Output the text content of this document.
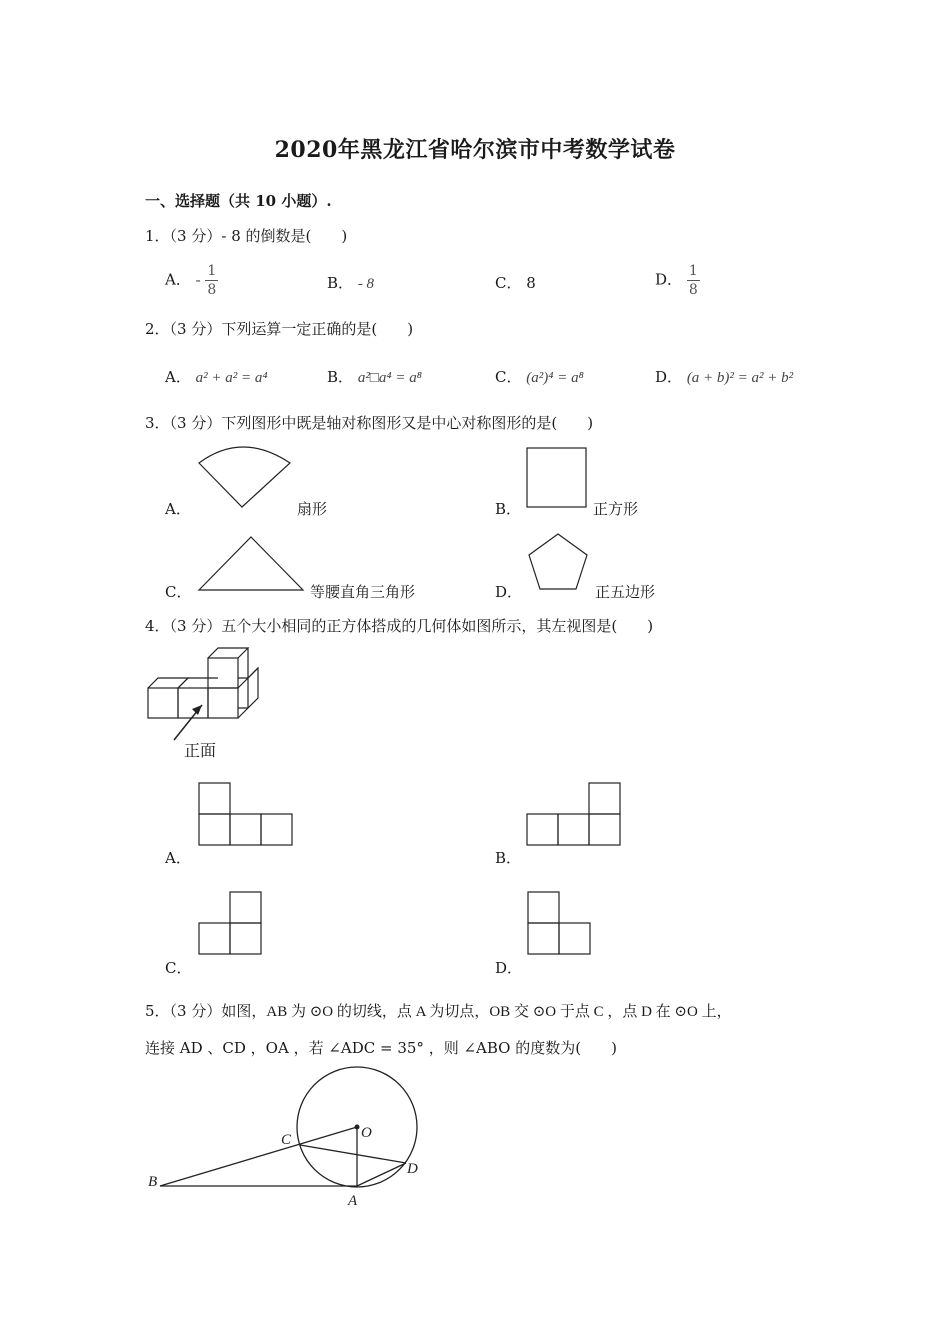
2020年黑龙江省哈尔滨市中考数学试卷
一、选择题（共 10 小题）.
1．（3 分）- 8 的倒数是(　　)
A． - $\frac{1}{8}$	B． - 8	C． 8	D． $\frac{1}{8}$
2．（3 分）下列运算一定正确的是(　　)
A． a² + a² = a⁴	B． a²□a⁴ = a⁸	C． (a²)⁴ = a⁸	D． (a + b)² = a² + b²
3．（3 分）下列图形中既是轴对称图形又是中心对称图形的是(　　)
A．	扇形	B．	正方形
C．	等腰直角三角形	D．	正五边形
4．（3 分）五个大小相同的正方体搭成的几何体如图所示，其左视图是(　　)
正面
A．	B．
C．	D．
5．（3 分）如图，AB 为 ⊙O 的切线，点 A 为切点，OB 交 ⊙O 于点 C ，点 D 在 ⊙O 上，
连接 AD 、CD ，OA ，若 ∠ADC = 35° ，则 ∠ABO 的度数为(　　)
B
C	O
D
A
